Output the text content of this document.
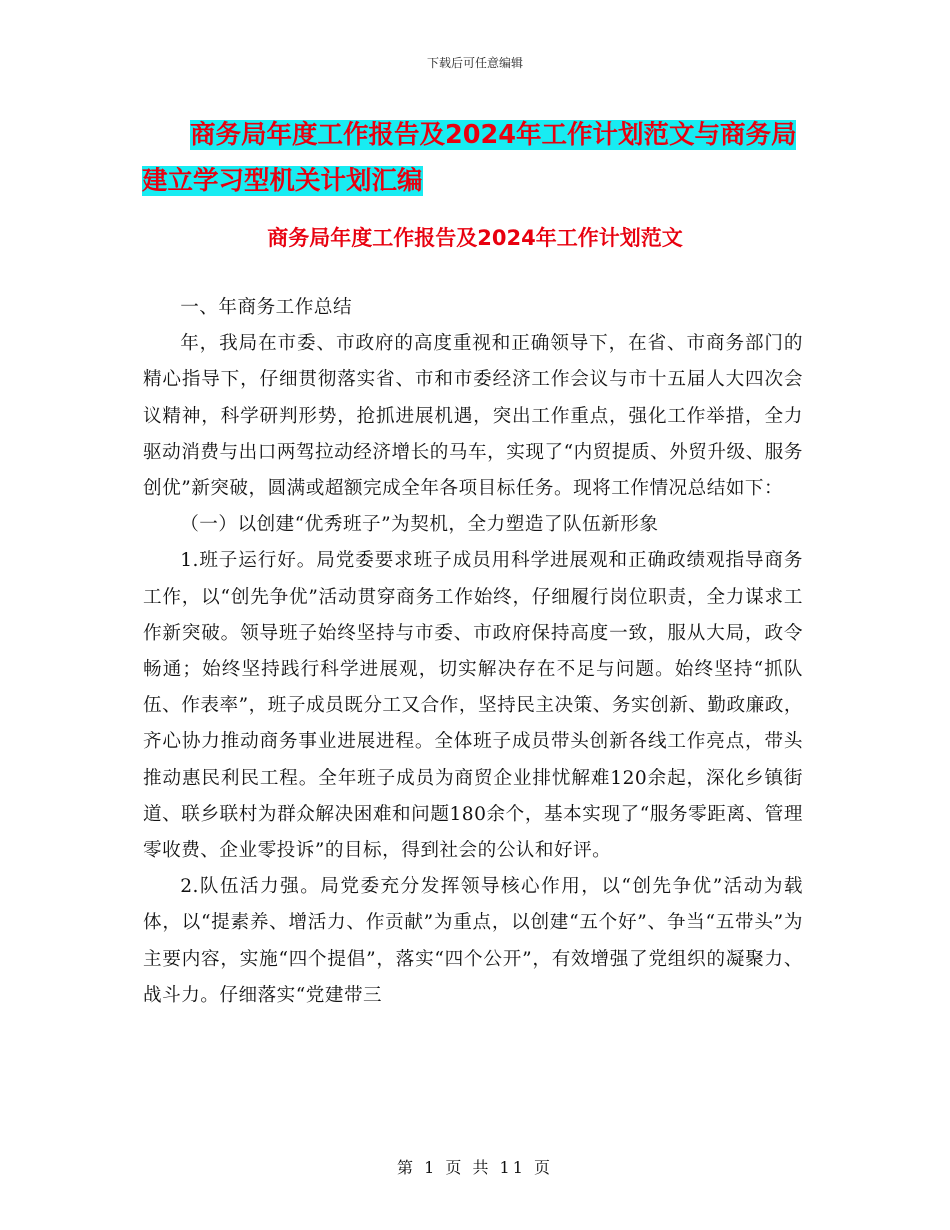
下载后可任意编辑
商务局年度工作报告及2024年工作计划范文与商务局
建立学习型机关计划汇编
商务局年度工作报告及2024年工作计划范文

一、年商务工作总结

年，我局在市委、市政府的高度重视和正确领导下，在省、市商务部门的精心指导下，仔细贯彻落实省、市和市委经济工作会议与市十五届人大四次会议精神，科学研判形势，抢抓进展机遇，突出工作重点，强化工作举措，全力驱动消费与出口两驾拉动经济增长的马车，实现了“内贸提质、外贸升级、服务创优”新突破，圆满或超额完成全年各项目标任务。现将工作情况总结如下：

（一）以创建“优秀班子”为契机，全力塑造了队伍新形象

1.班子运行好。局党委要求班子成员用科学进展观和正确政绩观指导商务工作，以“创先争优”活动贯穿商务工作始终，仔细履行岗位职责，全力谋求工作新突破。领导班子始终坚持与市委、市政府保持高度一致，服从大局，政令畅通；始终坚持践行科学进展观，切实解决存在不足与问题。始终坚持“抓队伍、作表率”，班子成员既分工又合作，坚持民主决策、务实创新、勤政廉政，齐心协力推动商务事业进展进程。全体班子成员带头创新各线工作亮点，带头推动惠民利民工程。全年班子成员为商贸企业排忧解难120余起，深化乡镇街道、联乡联村为群众解决困难和问题180余个，基本实现了“服务零距离、管理零收费、企业零投诉”的目标，得到社会的公认和好评。

2.队伍活力强。局党委充分发挥领导核心作用，以“创先争优”活动为载体，以“提素养、增活力、作贡献”为重点，以创建“五个好”、争当“五带头”为主要内容，实施“四个提倡”，落实“四个公开”，有效增强了党组织的凝聚力、战斗力。仔细落实“党建带三

第 1 页 共 11 页
